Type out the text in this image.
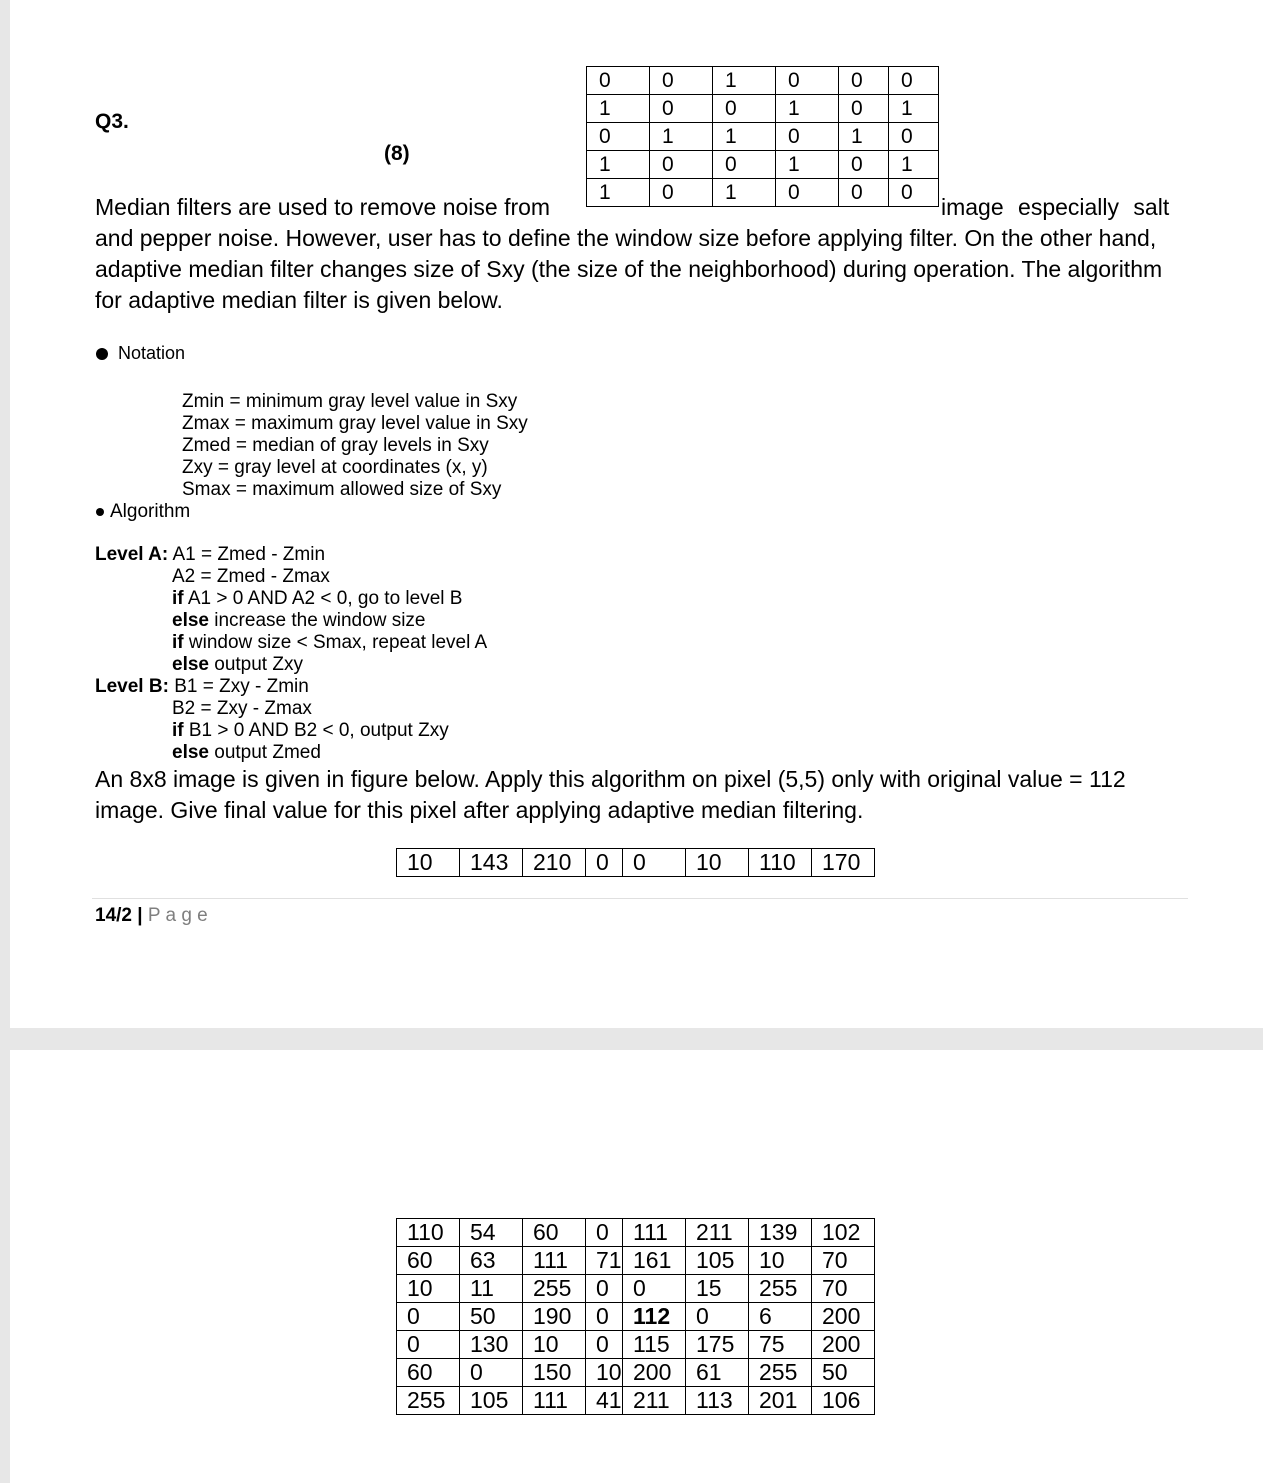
Q3.
(8)
0	0	1	0	0	0
1	0	0	1	0	1
0	1	1	0	1	0
1	0	0	1	0	1
1	0	1	0	0	0
Median filters are used to remove noise from	image especially salt
and pepper noise. However, user has to define the window size before applying filter. On the other hand,
adaptive median filter changes size of Sxy (the size of the neighborhood) during operation. The algorithm
for adaptive median filter is given below.
Notation
Zmin = minimum gray level value in Sxy
Zmax = maximum gray level value in Sxy
Zmed = median of gray levels in Sxy
Zxy = gray level at coordinates (x, y)
Smax = maximum allowed size of Sxy
Algorithm
Level A: A1 = Zmed - Zmin
A2 = Zmed - Zmax
if A1 > 0 AND A2 < 0, go to level B
else increase the window size
if window size < Smax, repeat level A
else output Zxy
Level B: B1 = Zxy - Zmin
B2 = Zxy - Zmax
if B1 > 0 AND B2 < 0, output Zxy
else output Zmed
An 8x8 image is given in figure below. Apply this algorithm on pixel (5,5) only with original value = 112
image. Give final value for this pixel after applying adaptive median filtering.
10	143	210	0	0	10	110	170
14/2 | P a g e
110	54	60	0	111	211	139	102
60	63	111	71	161	105	10	70
10	11	255	0	0	15	255	70
0	50	190	0	112	0	6	200
0	130	10	0	115	175	75	200
60	0	150	10	200	61	255	50
255	105	111	41	211	113	201	106
